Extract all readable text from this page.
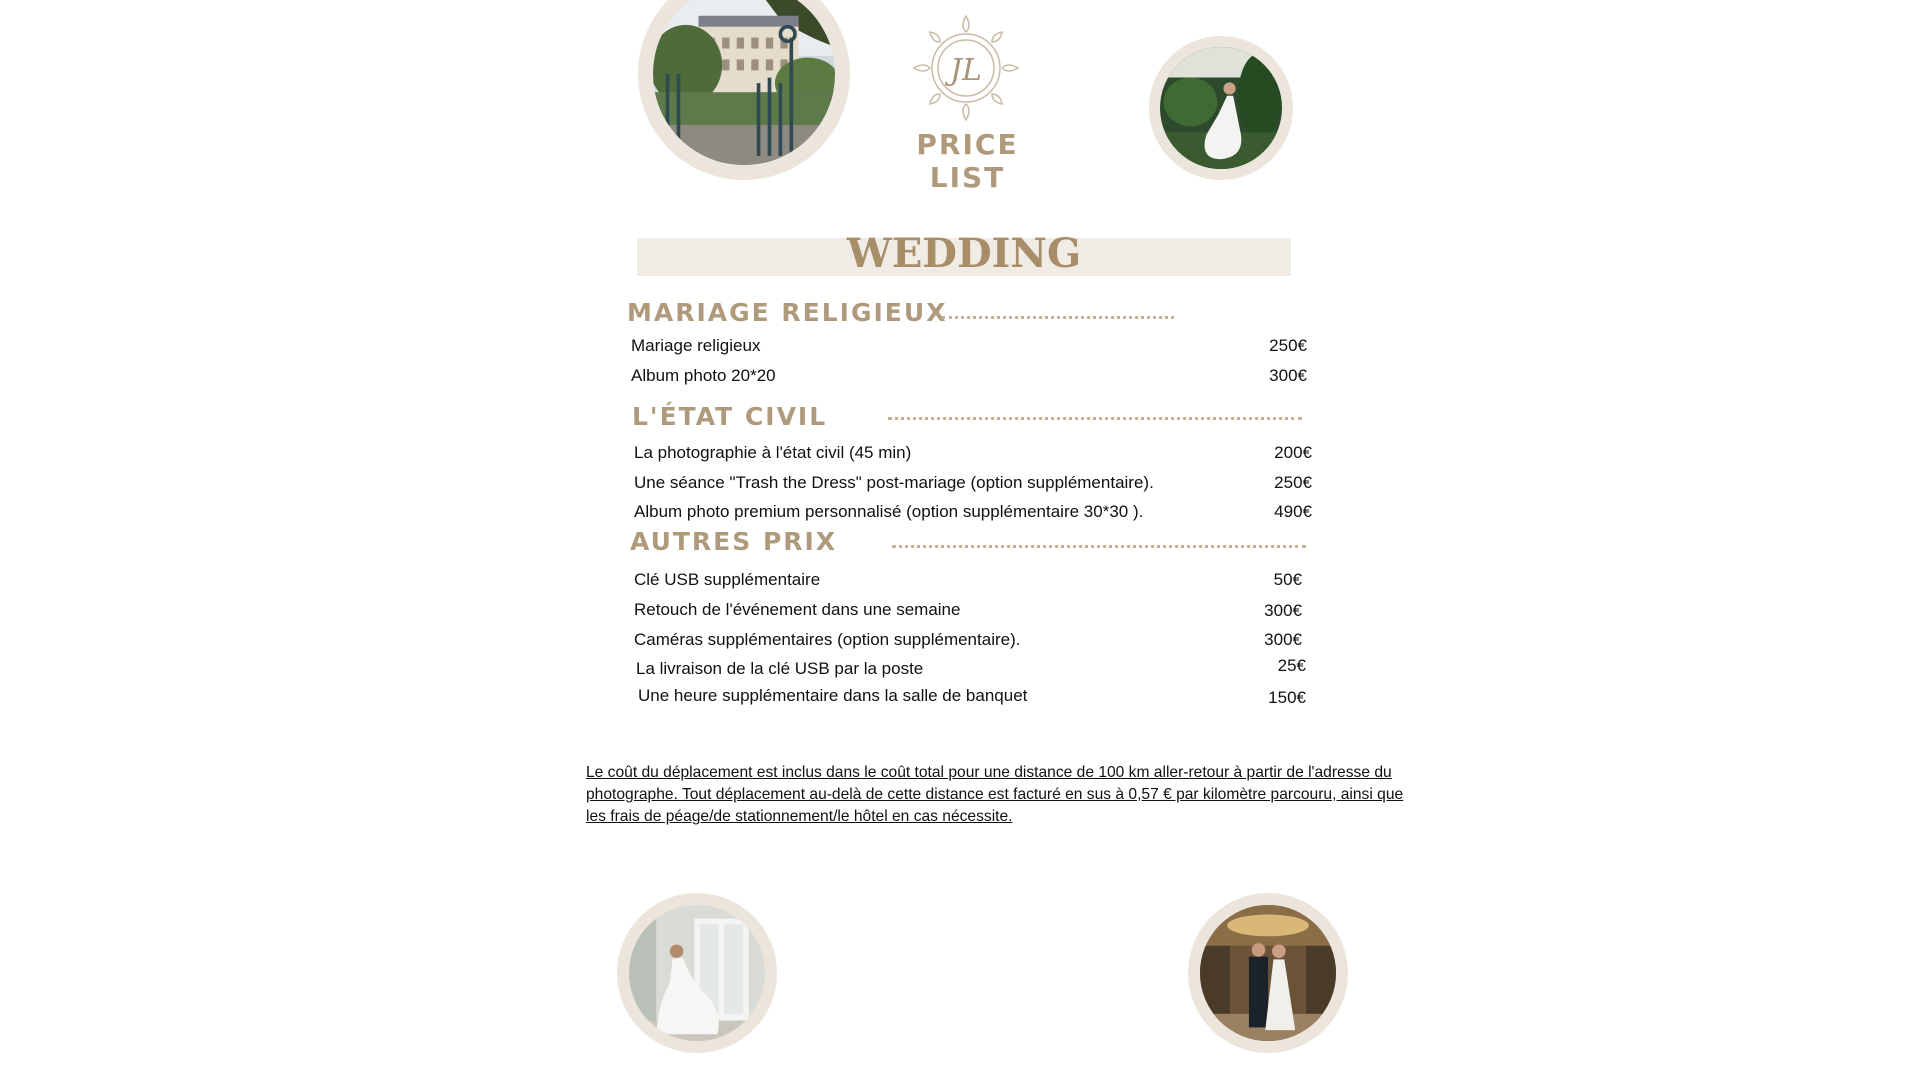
JL
PRICE LIST
WEDDING
MARIAGE RELIGIEUX
Mariage religieux	250€
Album photo 20*20	300€
L'ÉTAT CIVIL
La photographie à l'état civil (45 min)	200€
Une séance "Trash the Dress" post-mariage (option supplémentaire).	250€
Album photo premium personnalisé (option supplémentaire 30*30 ).	490€
AUTRES PRIX
Clé USB supplémentaire	50€
Retouch de l'événement dans une semaine	300€
Caméras supplémentaires (option supplémentaire).	300€
La livraison de la clé USB par la poste	25€
Une heure supplémentaire dans la salle de banquet	150€
Le coût du déplacement est inclus dans le coût total pour une distance de 100 km aller-retour à partir de l'adresse du photographe. Tout déplacement au-delà de cette distance est facturé en sus à 0,57 € par kilomètre parcouru, ainsi que les frais de péage/de stationnement/le hôtel en cas nécessite.
